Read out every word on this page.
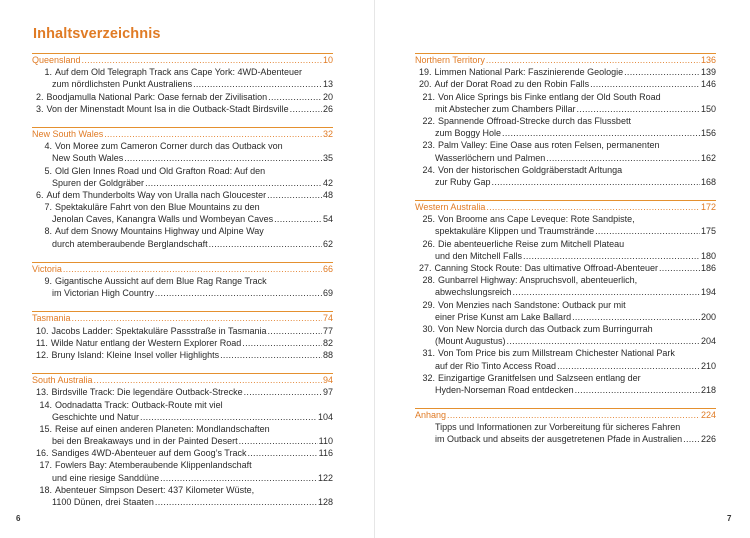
Inhaltsverzeichnis
Queensland .....	10
1. Auf dem Old Telegraph Track ans Cape York: 4WD-Abenteuer
zum nördlichsten Punkt Australiens .....	13
2. Boodjamulla National Park: Oase fernab der Zivilisation .....	20
3. Von der Minenstadt Mount Isa in die Outback-Stadt Birdsville .....	26
New South Wales .....	32
4. Von Moree zum Cameron Corner durch das Outback von
New South Wales .....	35
5. Old Glen Innes Road und Old Grafton Road: Auf den
Spuren der Goldgräber .....	42
6. Auf dem Thunderbolts Way von Uralla nach Gloucester .....	48
7. Spektakuläre Fahrt von den Blue Mountains zu den
Jenolan Caves, Kanangra Walls und Wombeyan Caves .....	54
8. Auf dem Snowy Mountains Highway und Alpine Way
durch atemberaubende Berglandschaft .....	62
Victoria .....	66
9. Gigantische Aussicht auf dem Blue Rag Range Track
im Victorian High Country .....	69
Tasmania .....	74
10. Jacobs Ladder: Spektakuläre Passstraße in Tasmania .....	77
11. Wilde Natur entlang der Western Explorer Road .....	82
12. Bruny Island: Kleine Insel voller Highlights .....	88
South Australia .....	94
13. Birdsville Track: Die legendäre Outback-Strecke .....	97
14. Oodnadatta Track: Outback-Route mit viel
Geschichte und Natur .....	104
15. Reise auf einen anderen Planeten: Mondlandschaften
bei den Breakaways und in der Painted Desert .....	110
16. Sandiges 4WD-Abenteuer auf dem Goog’s Track .....	116
17. Fowlers Bay: Atemberaubende Klippenlandschaft
und eine riesige Sanddüne .....	122
18. Abenteuer Simpson Desert: 437 Kilometer Wüste,
1100 Dünen, drei Staaten .....	128
6
Northern Territory .....	136
19. Limmen National Park: Faszinierende Geologie .....	139
20. Auf der Dorat Road zu den Robin Falls .....	146
21. Von Alice Springs bis Finke entlang der Old South Road
mit Abstecher zum Chambers Pillar .....	150
22. Spannende Offroad-Strecke durch das Flussbett
zum Boggy Hole .....	156
23. Palm Valley: Eine Oase aus roten Felsen, permanenten
Wasserlöchern und Palmen .....	162
24. Von der historischen Goldgräberstadt Arltunga
zur Ruby Gap .....	168
Western Australia .....	172
25. Von Broome ans Cape Leveque: Rote Sandpiste,
spektakuläre Klippen und Traumstrände .....	175
26. Die abenteuerliche Reise zum Mitchell Plateau
und den Mitchell Falls .....	180
27. Canning Stock Route: Das ultimative Offroad-Abenteuer .....	186
28. Gunbarrel Highway: Anspruchsvoll, abenteuerlich,
abwechslungsreich .....	194
29. Von Menzies nach Sandstone: Outback pur mit
einer Prise Kunst am Lake Ballard .....	200
30. Von New Norcia durch das Outback zum Burringurrah
(Mount Augustus) .....	204
31. Von Tom Price bis zum Millstream Chichester National Park
auf der Rio Tinto Access Road .....	210
32. Einzigartige Granitfelsen und Salzseen entlang der
Hyden-Norseman Road entdecken .....	218
Anhang .....	224
Tipps und Informationen zur Vorbereitung für sicheres Fahren
im Outback und abseits der ausgetretenen Pfade in Australien ..... 226
7
